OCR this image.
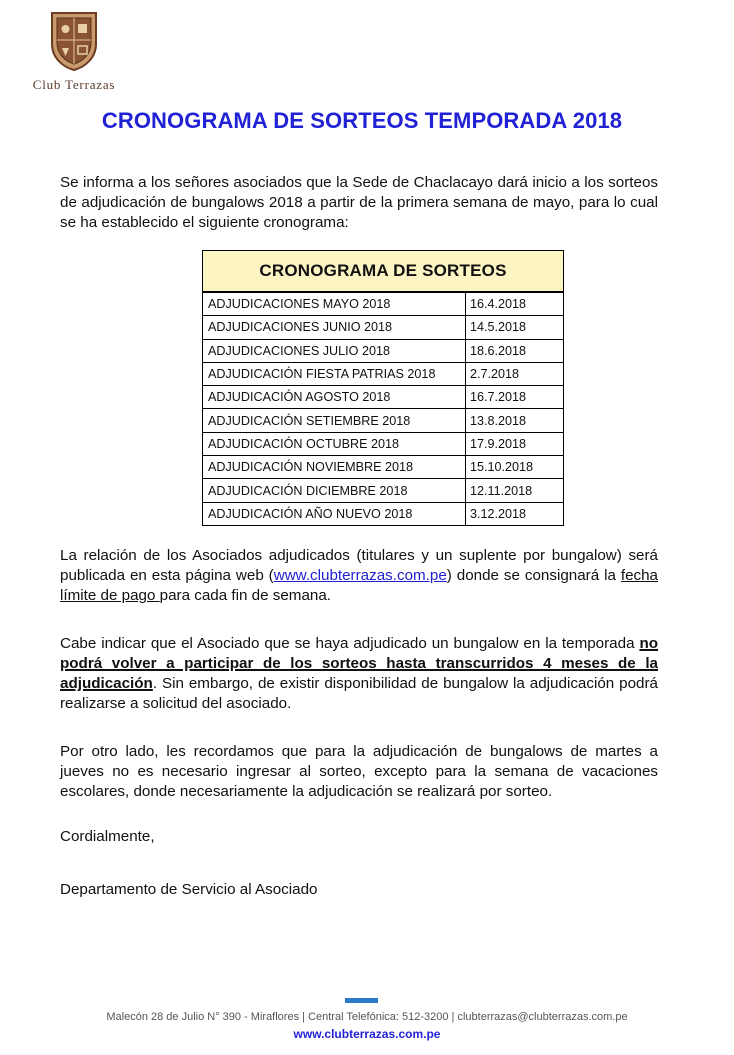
Club Terrazas
CRONOGRAMA DE SORTEOS TEMPORADA 2018
Se informa a los señores asociados que la Sede de Chaclacayo dará inicio a los sorteos de adjudicación de bungalows 2018 a partir de la primera semana de mayo, para lo cual se ha establecido el siguiente cronograma:
CRONOGRAMA DE SORTEOS
ADJUDICACIONES MAYO 2018	16.4.2018
ADJUDICACIONES JUNIO 2018	14.5.2018
ADJUDICACIONES JULIO 2018	18.6.2018
ADJUDICACIÓN FIESTA PATRIAS 2018	2.7.2018
ADJUDICACIÓN AGOSTO 2018	16.7.2018
ADJUDICACIÓN SETIEMBRE 2018	13.8.2018
ADJUDICACIÓN OCTUBRE 2018	17.9.2018
ADJUDICACIÓN NOVIEMBRE 2018	15.10.2018
ADJUDICACIÓN DICIEMBRE 2018	12.11.2018
ADJUDICACIÓN AÑO NUEVO 2018	3.12.2018
La relación de los Asociados adjudicados (titulares y un suplente por bungalow) será publicada en esta página web (www.clubterrazas.com.pe) donde se consignará la fecha límite de pago para cada fin de semana.
Cabe indicar que el Asociado que se haya adjudicado un bungalow en la temporada no podrá volver a participar de los sorteos hasta transcurridos 4 meses de la adjudicación. Sin embargo, de existir disponibilidad de bungalow la adjudicación podrá realizarse a solicitud del asociado.
Por otro lado, les recordamos que para la adjudicación de bungalows de martes a jueves no es necesario ingresar al sorteo, excepto para la semana de vacaciones escolares, donde necesariamente la adjudicación se realizará por sorteo.
Cordialmente,
Departamento de Servicio al Asociado
Malecón 28 de Julio N° 390 - Miraflores | Central Telefónica: 512-3200 | clubterrazas@clubterrazas.com.pe
www.clubterrazas.com.pe
